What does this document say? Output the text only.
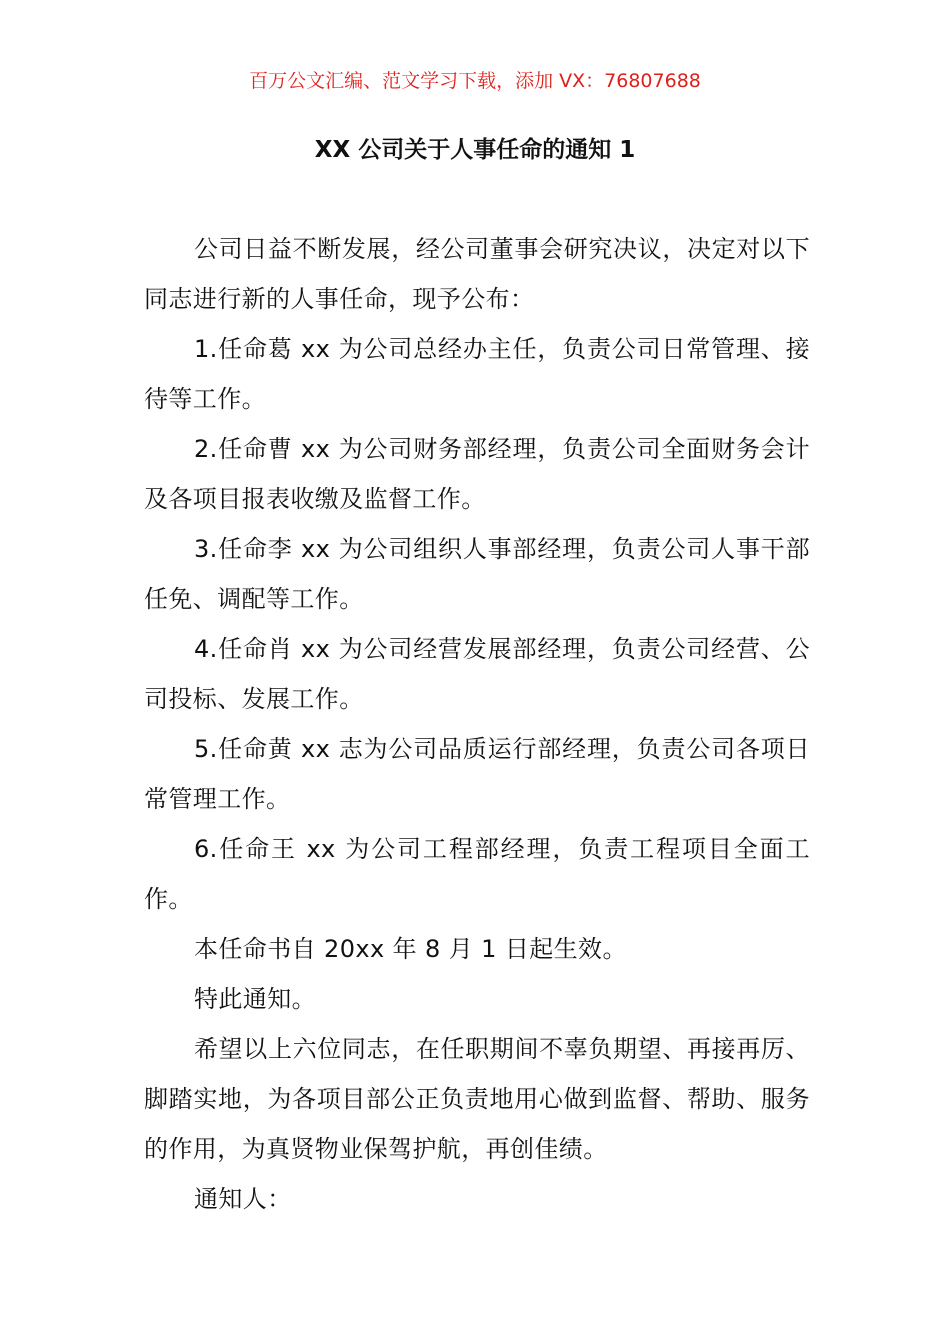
百万公文汇编、范文学习下载，添加 VX：76807688
XX 公司关于人事任命的通知 1

公司日益不断发展，经公司董事会研究决议，决定对以下同志进行新的人事任命，现予公布：

1.任命葛 xx 为公司总经办主任，负责公司日常管理、接待等工作。

2.任命曹 xx 为公司财务部经理，负责公司全面财务会计及各项目报表收缴及监督工作。

3.任命李 xx 为公司组织人事部经理，负责公司人事干部任免、调配等工作。

4.任命肖 xx 为公司经营发展部经理，负责公司经营、公司投标、发展工作。

5.任命黄 xx 志为公司品质运行部经理，负责公司各项日常管理工作。

6.任命王 xx 为公司工程部经理，负责工程项目全面工作。

本任命书自 20xx 年 8 月 1 日起生效。

特此通知。

希望以上六位同志，在任职期间不辜负期望、再接再厉、脚踏实地，为各项目部公正负责地用心做到监督、帮助、服务的作用，为真贤物业保驾护航，再创佳绩。

通知人：
